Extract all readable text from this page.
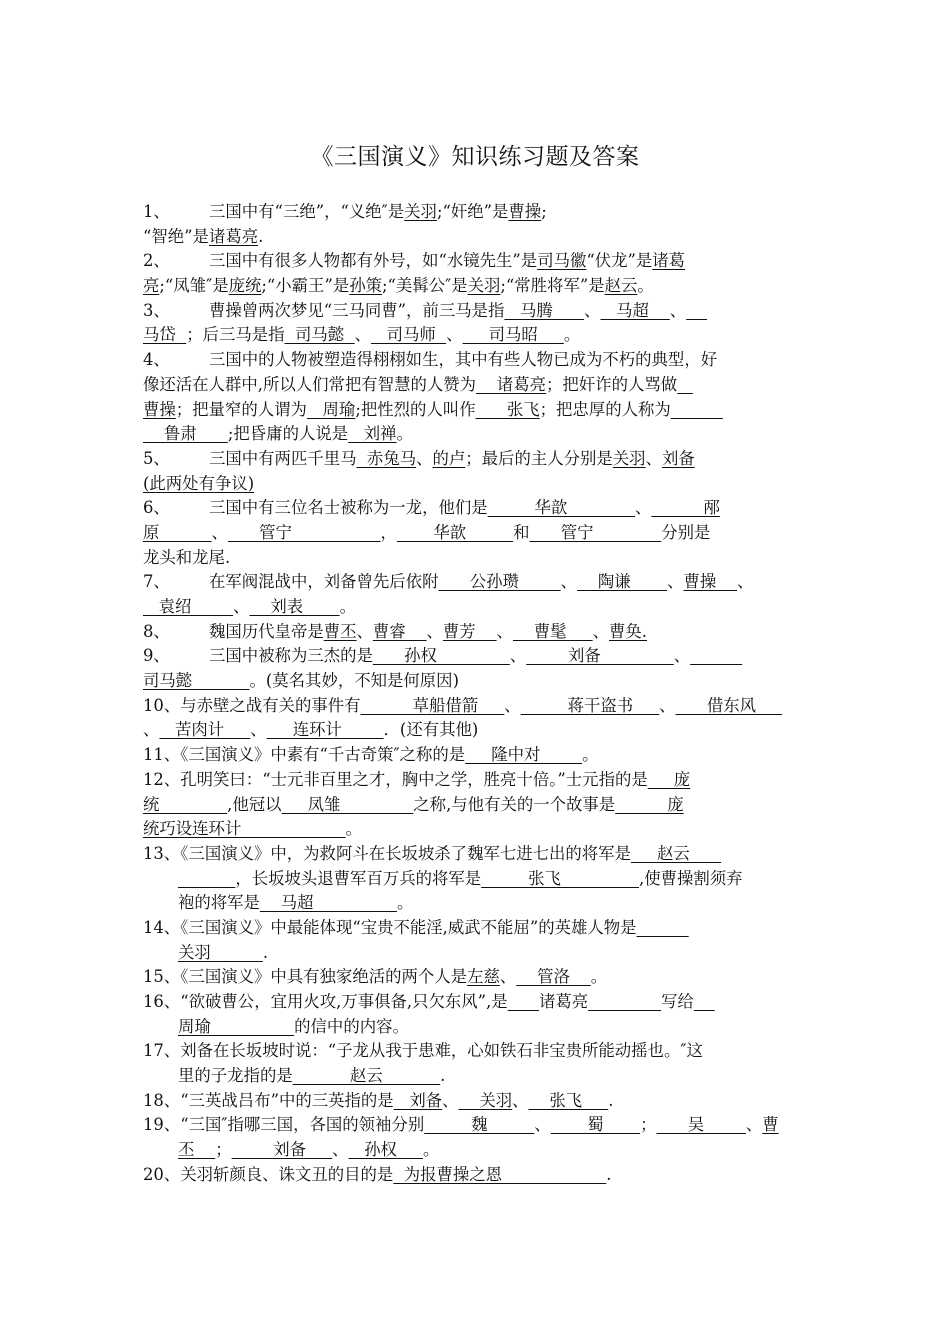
《三国演义》知识练习题及答案
1、 三国中有“三绝”，“义绝″是关羽;“奸绝”是曹操;
“智绝”是诸葛亮.
2、 三国中有很多人物都有外号，如“水镜先生”是司马徽“伏龙”是诸葛
亮;“凤雏″是庞统;“小霸王”是孙策;“美髯公″是关羽;“常胜将军”是赵云。
3、 曹操曾两次梦见“三马同曹”，前三马是指   马腾      、   马超    、
马岱  ；后三马是指  司马懿  、   司马师  、     司马昭     。
4、 三国中的人物被塑造得栩栩如生，其中有些人物已成为不朽的典型，好
像还活在人群中,所以人们常把有智慧的人赞为    诸葛亮；把奸诈的人骂做
曹操；把量窄的人谓为   周瑜;把性烈的人叫作      张飞；把忠厚的人称为
鲁肃      ;把昏庸的人说是   刘禅。
5、 三国中有两匹千里马  赤兔马、的卢；最后的主人分别是关羽、刘备
(此两处有争议)
6、 三国中有三位名士被称为一龙，他们是         华歆             、          邴
原          、      管宁                 ，       华歆         和      管宁             分别是
龙头和龙尾.
7、 在军阀混战中，刘备曾先后依附      公孙瓒        、    陶谦       、曹操    、
袁绍        、    刘表       。
8、 魏国历代皇帝是曹丕、曹睿    、曹芳    、    曹髦     、曹奂.
9、 三国中被称为三杰的是      孙权              、        刘备              、
司马懿           。(莫名其妙，不知是何原因)
10、与赤壁之战有关的事件有          草船借箭     、         蒋干盗书     、      借东风
、   苦肉计     、     连环计        ．(还有其他)
11、《三国演义》中素有“千古奇策″之称的是     隆中对        。
12、孔明笑曰：“士元非百里之才，胸中之学，胜亮十倍。”士元指的是     庞
统             ,他冠以     凤雏              之称,与他有关的一个故事是          庞
统巧设连环计                    。
13、《三国演义》中，为救阿斗在长坂坡杀了魏军七进七出的将军是     赵云
，长坂坡头退曹军百万兵的将军是         张飞               ,使曹操割须弃
袍的将军是    马超                。
14、《三国演义》中最能体现“宝贵不能淫,威武不能屈”的英雄人物是
关羽          .
15、《三国演义》中具有独家绝活的两个人是左慈、    管洛    。
16、“欲破曹公，宜用火攻,万事俱备,只欠东风”,是 诸葛亮	写给
周瑜                的信中的内容。
17、刘备在长坂坡时说：“子龙从我于患难，心如铁石非宝贵所能动摇也。″这
里的子龙指的是           赵云           .
18、“三英战吕布”中的三英指的是   刘备、    关羽、    张飞     .
19、“三国″指哪三国，各国的领袖分别         魏         、       蜀       ；      吴        、曹
丕    ；        刘备     、   孙权     。
20、关羽斩颜良、诛文丑的目的是  为报曹操之恩                    .
